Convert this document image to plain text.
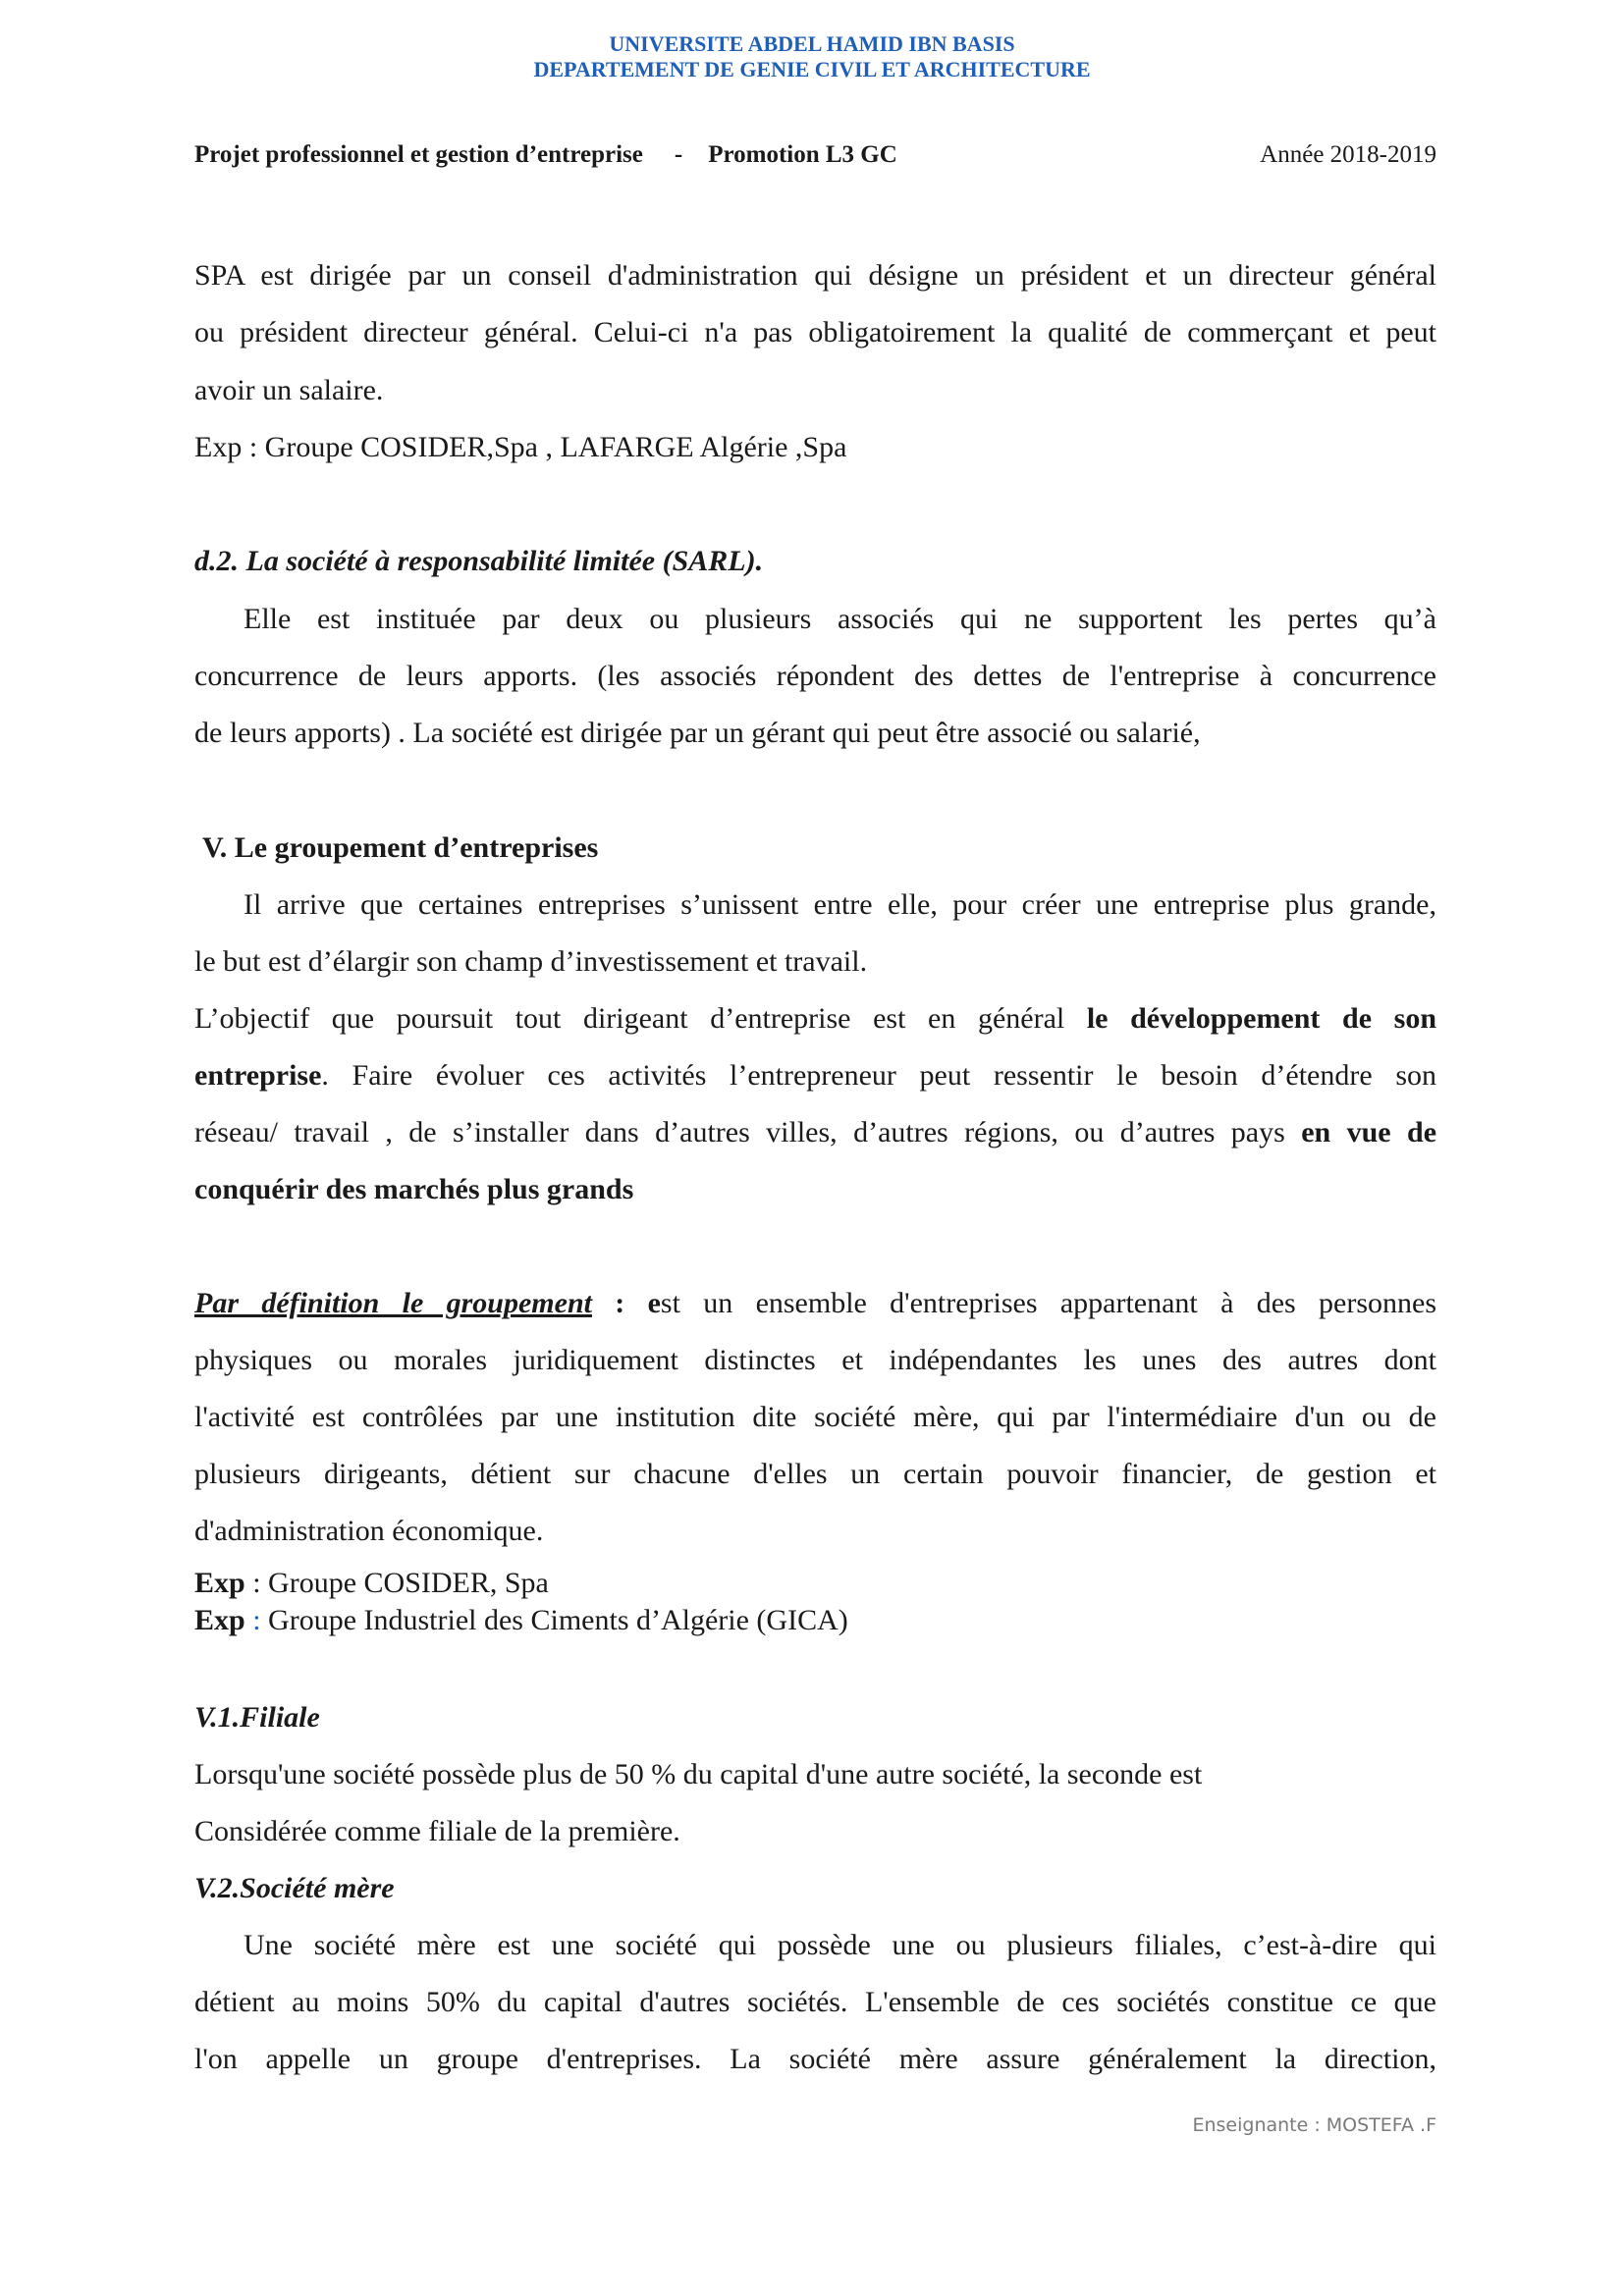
UNIVERSITE ABDEL HAMID IBN BASIS
DEPARTEMENT DE GENIE CIVIL ET ARCHITECTURE
Projet professionnel et gestion d’entreprise - Promotion L3 GC	Année 2018-2019
SPA est dirigée par un conseil d'administration qui désigne un président et un directeur général
ou président directeur général. Celui-ci n'a pas obligatoirement la qualité de commerçant et peut
avoir un salaire.
Exp : Groupe COSIDER,Spa , LAFARGE Algérie ,Spa
d.2. La société à responsabilité limitée (SARL).
Elle est instituée par deux ou plusieurs associés qui ne supportent les pertes qu’à
concurrence de leurs apports. (les associés répondent des dettes de l'entreprise à concurrence
de leurs apports) . La société est dirigée par un gérant qui peut être associé ou salarié,
V. Le groupement d’entreprises
Il arrive que certaines entreprises s’unissent entre elle, pour créer une entreprise plus grande,
le but est d’élargir son champ d’investissement et travail.
L’objectif que poursuit tout dirigeant d’entreprise est en général le développement de son
entreprise. Faire évoluer ces activités l’entrepreneur peut ressentir le besoin d’étendre son
réseau/ travail , de s’installer dans d’autres villes, d’autres régions, ou d’autres pays en vue de
conquérir des marchés plus grands
Par définition le groupement : est un ensemble d'entreprises appartenant à des personnes
physiques ou morales juridiquement distinctes et indépendantes les unes des autres dont
l'activité est contrôlées par une institution dite société mère, qui par l'intermédiaire d'un ou de
plusieurs dirigeants, détient sur chacune d'elles un certain pouvoir financier, de gestion et
d'administration économique.
Exp : Groupe COSIDER, Spa
Exp : Groupe Industriel des Ciments d’Algérie (GICA)
V.1.Filiale
Lorsqu'une société possède plus de 50 % du capital d'une autre société, la seconde est
Considérée comme filiale de la première.
V.2.Société mère
Une société mère est une société qui possède une ou plusieurs filiales, c’est-à-dire qui
détient au moins 50% du capital d'autres sociétés. L'ensemble de ces sociétés constitue ce que
l'on appelle un groupe d'entreprises. La société mère assure généralement la direction,
Enseignante : MOSTEFA .F
